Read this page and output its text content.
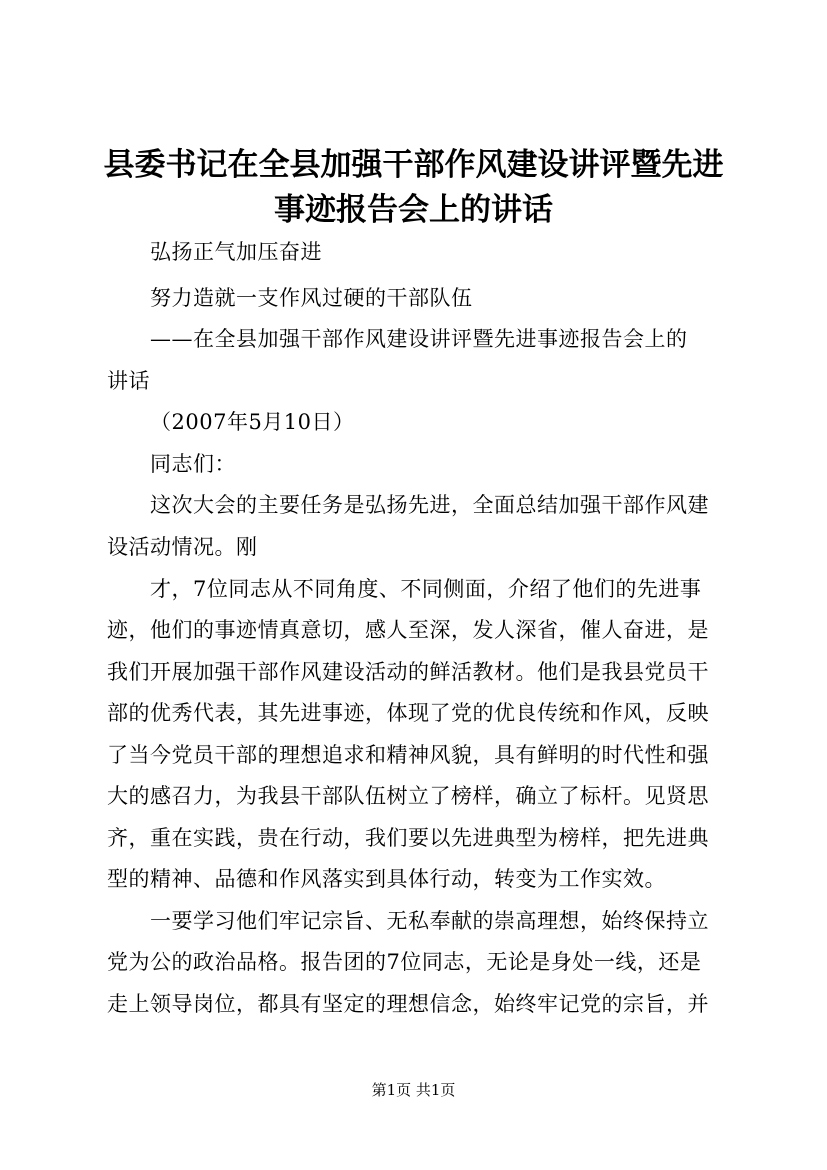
县委书记在全县加强干部作风建设讲评暨先进
事迹报告会上的讲话
弘扬正气加压奋进
努力造就一支作风过硬的干部队伍
——在全县加强干部作风建设讲评暨先进事迹报告会上的
讲话
（2007年5月10日）
同志们：
这次大会的主要任务是弘扬先进，全面总结加强干部作风建
设活动情况。刚
才，7位同志从不同角度、不同侧面，介绍了他们的先进事
迹，他们的事迹情真意切，感人至深，发人深省，催人奋进，是
我们开展加强干部作风建设活动的鲜活教材。他们是我县党员干
部的优秀代表，其先进事迹，体现了党的优良传统和作风，反映
了当今党员干部的理想追求和精神风貌，具有鲜明的时代性和强
大的感召力，为我县干部队伍树立了榜样，确立了标杆。见贤思
齐，重在实践，贵在行动，我们要以先进典型为榜样，把先进典
型的精神、品德和作风落实到具体行动，转变为工作实效。
一要学习他们牢记宗旨、无私奉献的崇高理想，始终保持立
党为公的政治品格。报告团的7位同志，无论是身处一线，还是
走上领导岗位，都具有坚定的理想信念，始终牢记党的宗旨，并
第1页 共1页
